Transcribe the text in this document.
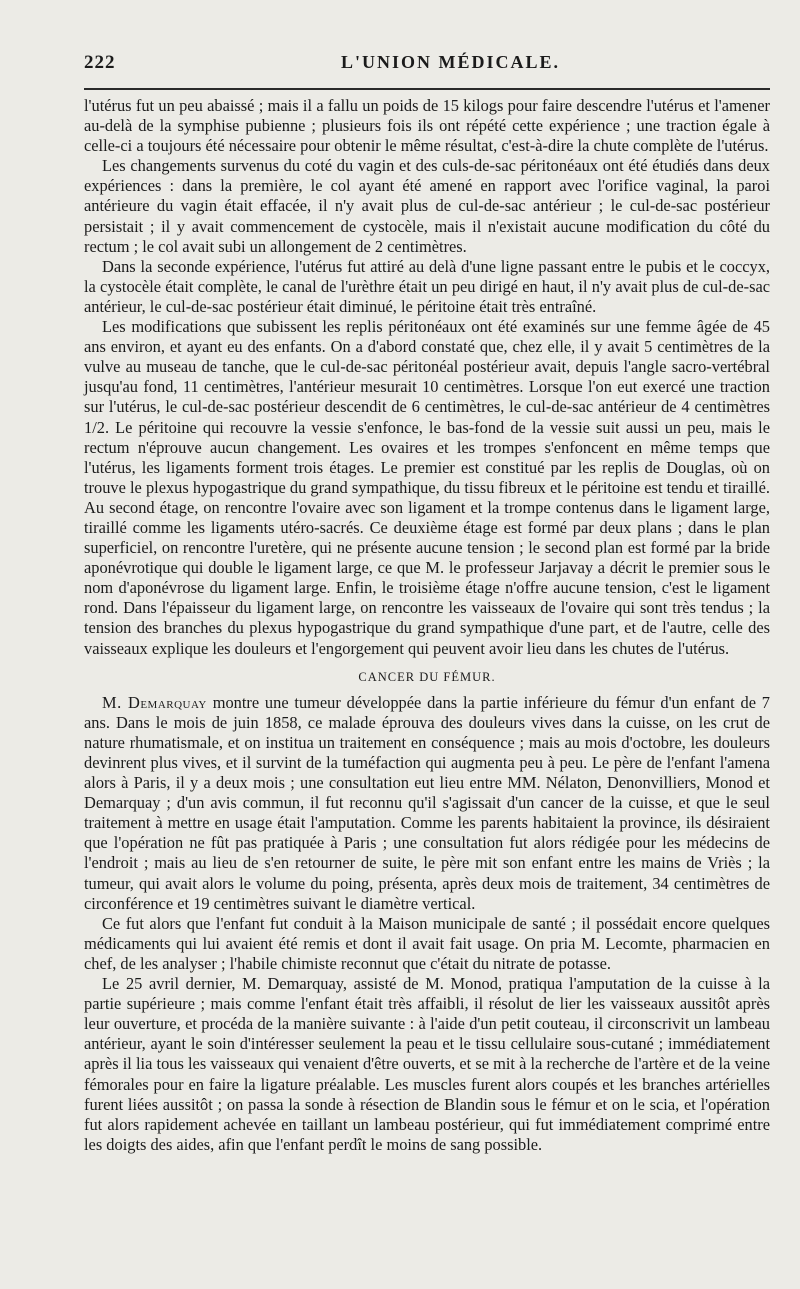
222	L'UNION MÉDICALE.

l'utérus fut un peu abaissé ; mais il a fallu un poids de 15 kilogs pour faire descendre l'utérus et l'amener au-delà de la symphise pubienne ; plusieurs fois ils ont répété cette expérience ; une traction égale à celle-ci a toujours été nécessaire pour obtenir le même résultat, c'est-à-dire la chute complète de l'utérus.

Les changements survenus du coté du vagin et des culs-de-sac péritonéaux ont été étudiés dans deux expériences : dans la première, le col ayant été amené en rapport avec l'orifice vaginal, la paroi antérieure du vagin était effacée, il n'y avait plus de cul-de-sac antérieur ; le cul-de-sac postérieur persistait ; il y avait commencement de cystocèle, mais il n'existait aucune modification du côté du rectum ; le col avait subi un allongement de 2 centimètres.

Dans la seconde expérience, l'utérus fut attiré au delà d'une ligne passant entre le pubis et le coccyx, la cystocèle était complète, le canal de l'urèthre était un peu dirigé en haut, il n'y avait plus de cul-de-sac antérieur, le cul-de-sac postérieur était diminué, le péritoine était très entraîné.

Les modifications que subissent les replis péritonéaux ont été examinés sur une femme âgée de 45 ans environ, et ayant eu des enfants. On a d'abord constaté que, chez elle, il y avait 5 centimètres de la vulve au museau de tanche, que le cul-de-sac péritonéal postérieur avait, depuis l'angle sacro-vertébral jusqu'au fond, 11 centimètres, l'antérieur mesurait 10 centimètres. Lorsque l'on eut exercé une traction sur l'utérus, le cul-de-sac postérieur descendit de 6 centimètres, le cul-de-sac antérieur de 4 centimètres 1/2. Le péritoine qui recouvre la vessie s'enfonce, le bas-fond de la vessie suit aussi un peu, mais le rectum n'éprouve aucun changement. Les ovaires et les trompes s'enfoncent en même temps que l'utérus, les ligaments forment trois étages. Le premier est constitué par les replis de Douglas, où on trouve le plexus hypogastrique du grand sympathique, du tissu fibreux et le péritoine est tendu et tiraillé. Au second étage, on rencontre l'ovaire avec son ligament et la trompe contenus dans le ligament large, tiraillé comme les ligaments utéro-sacrés. Ce deuxième étage est formé par deux plans ; dans le plan superficiel, on rencontre l'uretère, qui ne présente aucune tension ; le second plan est formé par la bride aponévrotique qui double le ligament large, ce que M. le professeur Jarjavay a décrit le premier sous le nom d'aponévrose du ligament large. Enfin, le troisième étage n'offre aucune tension, c'est le ligament rond. Dans l'épaisseur du ligament large, on rencontre les vaisseaux de l'ovaire qui sont très tendus ; la tension des branches du plexus hypogastrique du grand sympathique d'une part, et de l'autre, celle des vaisseaux explique les douleurs et l'engorgement qui peuvent avoir lieu dans les chutes de l'utérus.

CANCER DU FÉMUR.

M. Demarquay montre une tumeur développée dans la partie inférieure du fémur d'un enfant de 7 ans. Dans le mois de juin 1858, ce malade éprouva des douleurs vives dans la cuisse, on les crut de nature rhumatismale, et on institua un traitement en conséquence ; mais au mois d'octobre, les douleurs devinrent plus vives, et il survint de la tuméfaction qui augmenta peu à peu. Le père de l'enfant l'amena alors à Paris, il y a deux mois ; une consultation eut lieu entre MM. Nélaton, Denonvilliers, Monod et Demarquay ; d'un avis commun, il fut reconnu qu'il s'agissait d'un cancer de la cuisse, et que le seul traitement à mettre en usage était l'amputation. Comme les parents habitaient la province, ils désiraient que l'opération ne fût pas pratiquée à Paris ; une consultation fut alors rédigée pour les médecins de l'endroit ; mais au lieu de s'en retourner de suite, le père mit son enfant entre les mains de Vriès ; la tumeur, qui avait alors le volume du poing, présenta, après deux mois de traitement, 34 centimètres de circonférence et 19 centimètres suivant le diamètre vertical.

Ce fut alors que l'enfant fut conduit à la Maison municipale de santé ; il possédait encore quelques médicaments qui lui avaient été remis et dont il avait fait usage. On pria M. Lecomte, pharmacien en chef, de les analyser ; l'habile chimiste reconnut que c'était du nitrate de potasse.

Le 25 avril dernier, M. Demarquay, assisté de M. Monod, pratiqua l'amputation de la cuisse à la partie supérieure ; mais comme l'enfant était très affaibli, il résolut de lier les vaisseaux aussitôt après leur ouverture, et procéda de la manière suivante : à l'aide d'un petit couteau, il circonscrivit un lambeau antérieur, ayant le soin d'intéresser seulement la peau et le tissu cellulaire sous-cutané ; immédiatement après il lia tous les vaisseaux qui venaient d'être ouverts, et se mit à la recherche de l'artère et de la veine fémorales pour en faire la ligature préalable. Les muscles furent alors coupés et les branches artérielles furent liées aussitôt ; on passa la sonde à résection de Blandin sous le fémur et on le scia, et l'opération fut alors rapidement achevée en taillant un lambeau postérieur, qui fut immédiatement comprimé entre les doigts des aides, afin que l'enfant perdît le moins de sang possible.
